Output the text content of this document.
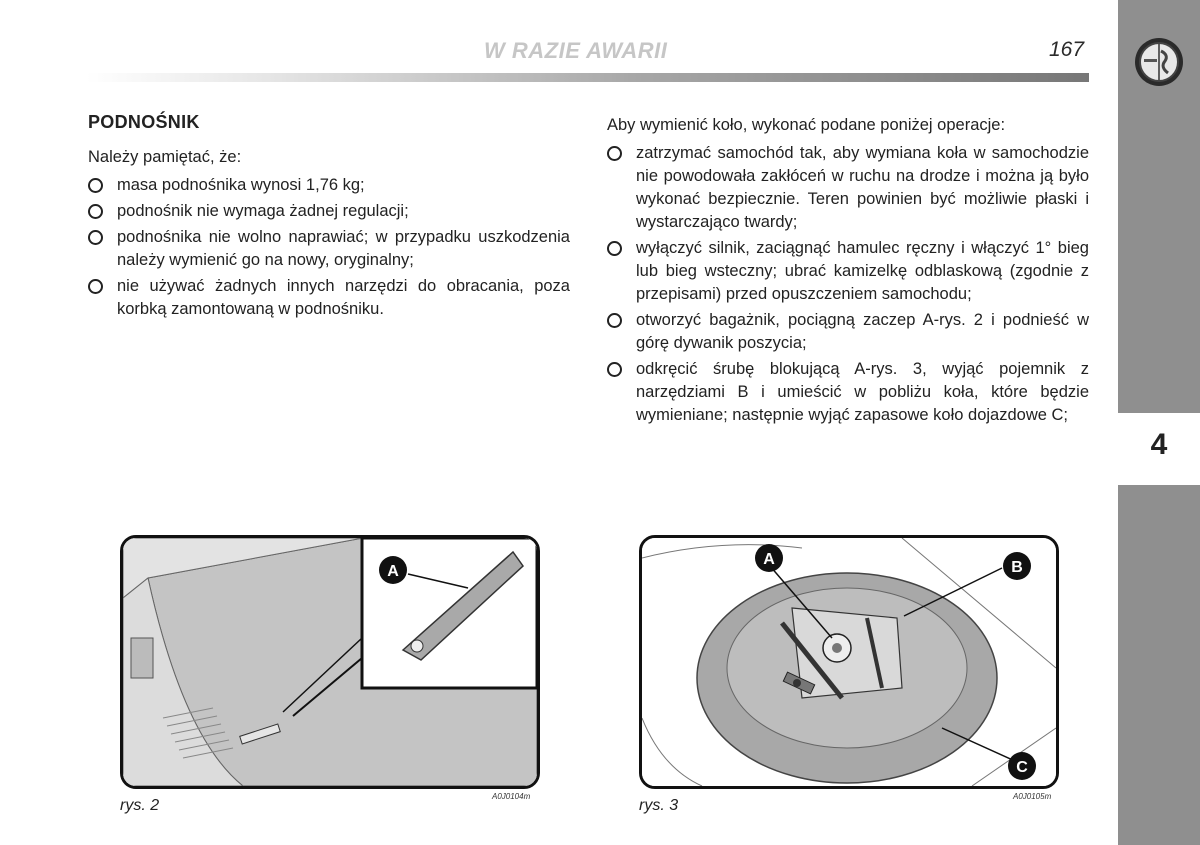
W RAZIE AWARII	167
4
PODNOŚNIK
Należy pamiętać, że:
masa podnośnika wynosi 1,76 kg;
podnośnik nie wymaga żadnej regulacji;
podnośnika nie wolno naprawiać; w przypadku uszkodzenia należy wymienić go na nowy, oryginalny;
nie używać żadnych innych narzędzi do obracania, poza korbką zamontowaną w podnośniku.
Aby wymienić koło, wykonać podane poniżej operacje:
zatrzymać samochód tak, aby wymiana koła w samochodzie nie powodowała zakłóceń w ruchu na drodze i można ją było wykonać bezpiecznie. Teren powinien być możliwie płaski i wystarczająco twardy;
wyłączyć silnik, zaciągnąć hamulec ręczny i włączyć 1° bieg lub bieg wsteczny; ubrać kamizelkę odblaskową (zgodnie z przepisami) przed opuszczeniem samochodu;
otworzyć bagażnik, pociągną zaczep A-rys. 2 i podnieść w górę dywanik poszycia;
odkręcić śrubę blokującą A-rys. 3, wyjąć pojemnik z narzędziami B i umieścić w pobliżu koła, które będzie wymieniane; następnie wyjąć zapasowe koło dojazdowe C;
A
rys. 2
A0J0104m
A	B
C
rys. 3
A0J0105m
